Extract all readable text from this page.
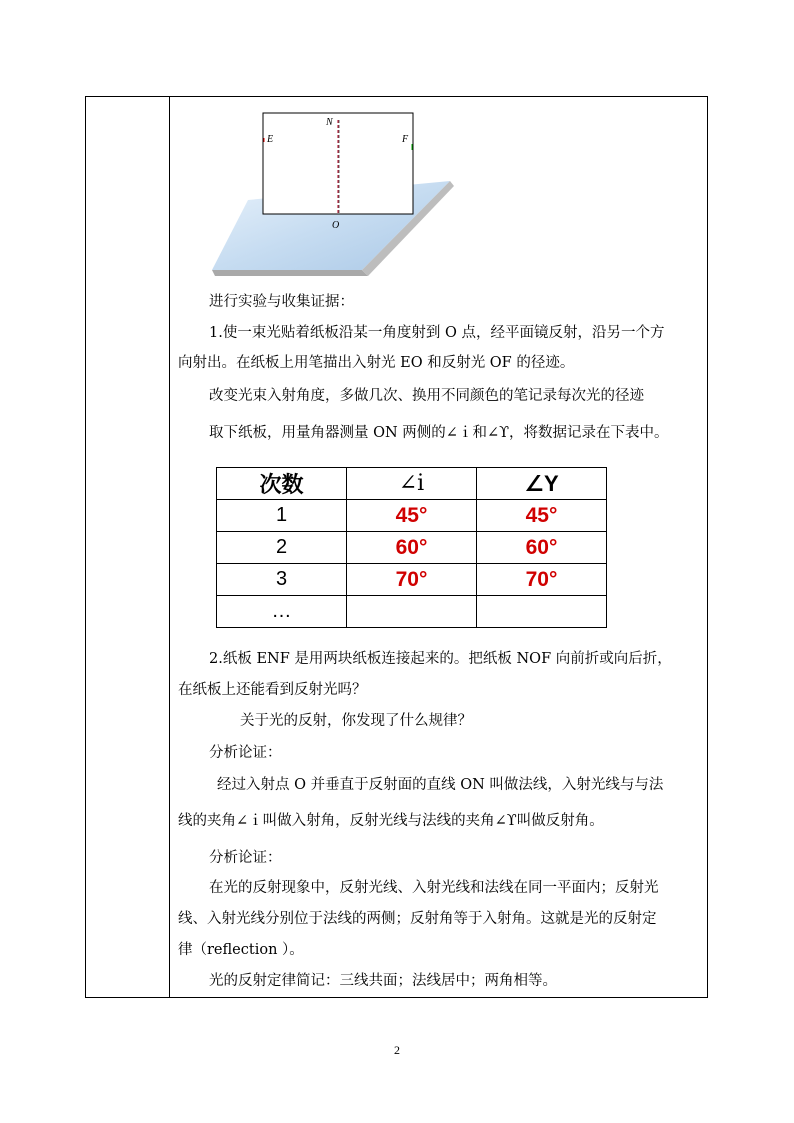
N
E	F
O
进行实验与收集证据：
1.使一束光贴着纸板沿某一角度射到 O 点，经平面镜反射，沿另一个方
向射出。在纸板上用笔描出入射光 EO 和反射光 OF 的径迹。
改变光束入射角度，多做几次、换用不同颜色的笔记录每次光的径迹
取下纸板，用量角器测量 ON 两侧的∠ｉ和∠ϒ，将数据记录在下表中。
次数	∠i	∠Y
1	45°	45°
2	60°	60°
3	70°	70°
…		
2.纸板 ENF 是用两块纸板连接起来的。把纸板 NOF 向前折或向后折，
在纸板上还能看到反射光吗？
关于光的反射，你发现了什么规律？
分析论证：
经过入射点 O 并垂直于反射面的直线 ON 叫做法线，入射光线与与法
线的夹角∠ｉ叫做入射角，反射光线与法线的夹角∠ϒ叫做反射角。
分析论证：
在光的反射现象中，反射光线、入射光线和法线在同一平面内；反射光
线、入射光线分别位于法线的两侧；反射角等于入射角。这就是光的反射定
律（reflection ）。
光的反射定律简记：三线共面；法线居中；两角相等。
2
